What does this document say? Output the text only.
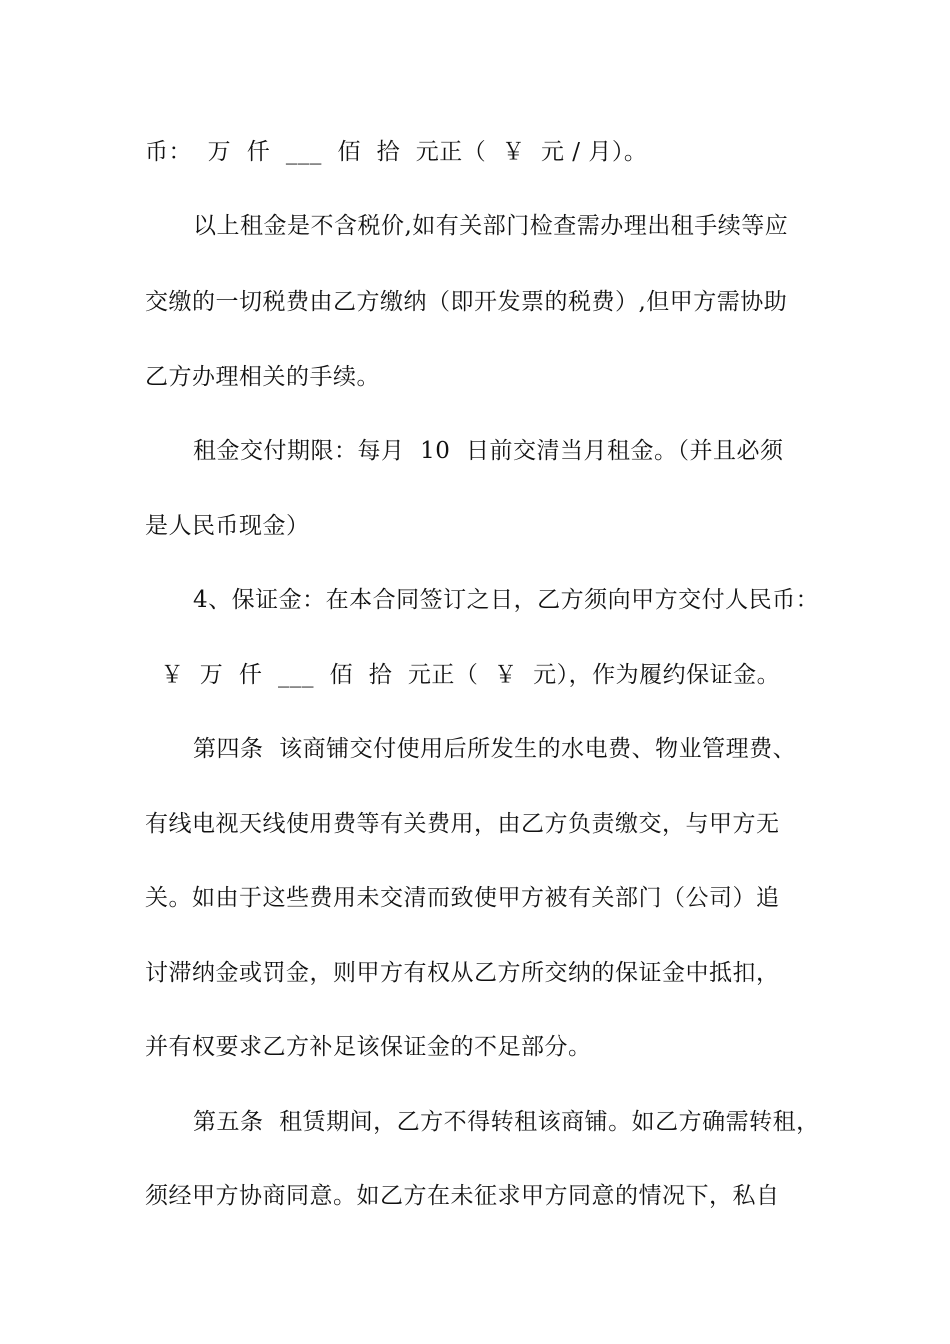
币：  万  仟  ___  佰  拾  元正（  ￥  元 / 月）。
以上租金是不含税价,如有关部门检查需办理出租手续等应
交缴的一切税费由乙方缴纳（即开发票的税费）,但甲方需协助
乙方办理相关的手续。
租金交付期限：每月  10  日前交清当月租金。（并且必须
是人民币现金）
4、保证金：在本合同签订之日，乙方须向甲方交付人民币：
￥  万  仟  ___  佰  拾  元正（  ￥  元），作为履约保证金。
第四条  该商铺交付使用后所发生的水电费、物业管理费、
有线电视天线使用费等有关费用，由乙方负责缴交，与甲方无
关。如由于这些费用未交清而致使甲方被有关部门（公司）追
讨滞纳金或罚金，则甲方有权从乙方所交纳的保证金中抵扣，
并有权要求乙方补足该保证金的不足部分。
第五条  租赁期间，乙方不得转租该商铺。如乙方确需转租，
须经甲方协商同意。如乙方在未征求甲方同意的情况下，私自
